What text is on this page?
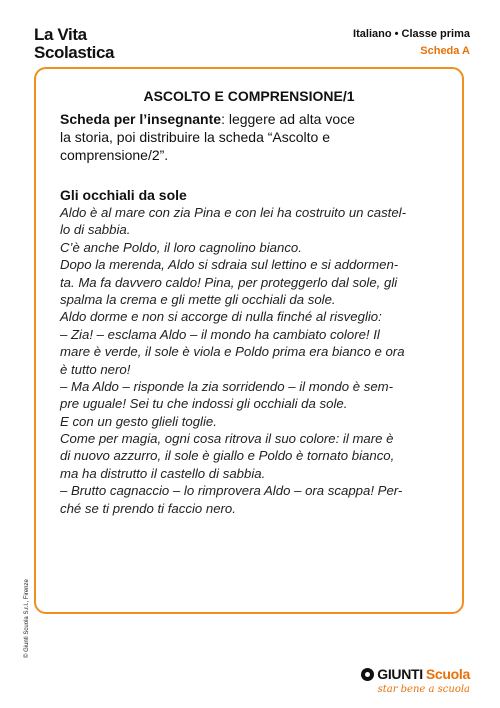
La Vita
Scolastica
Italiano • Classe prima
Scheda A
ASCOLTO E COMPRENSIONE/1

Scheda per l’insegnante: leggere ad alta voce
la storia, poi distribuire la scheda “Ascolto e
comprensione/2”.

Gli occhiali da sole
Aldo è al mare con zia Pina e con lei ha costruito un castel-
lo di sabbia.
C’è anche Poldo, il loro cagnolino bianco.
Dopo la merenda, Aldo si sdraia sul lettino e si addormen-
ta. Ma fa davvero caldo! Pina, per proteggerlo dal sole, gli
spalma la crema e gli mette gli occhiali da sole.
Aldo dorme e non si accorge di nulla finché al risveglio:
– Zia! – esclama Aldo – il mondo ha cambiato colore! Il
mare è verde, il sole è viola e Poldo prima era bianco e ora
è tutto nero!
– Ma Aldo – risponde la zia sorridendo – il mondo è sem-
pre uguale! Sei tu che indossi gli occhiali da sole.
E con un gesto glieli toglie.
Come per magia, ogni cosa ritrova il suo colore: il mare è
di nuovo azzurro, il sole è giallo e Poldo è tornato bianco,
ma ha distrutto il castello di sabbia.
– Brutto cagnaccio – lo rimprovera Aldo – ora scappa! Per-
ché se ti prendo ti faccio nero.
© Giunti Scuola S.r.l., Firenze
GIUNTI Scuola
star bene a scuola
